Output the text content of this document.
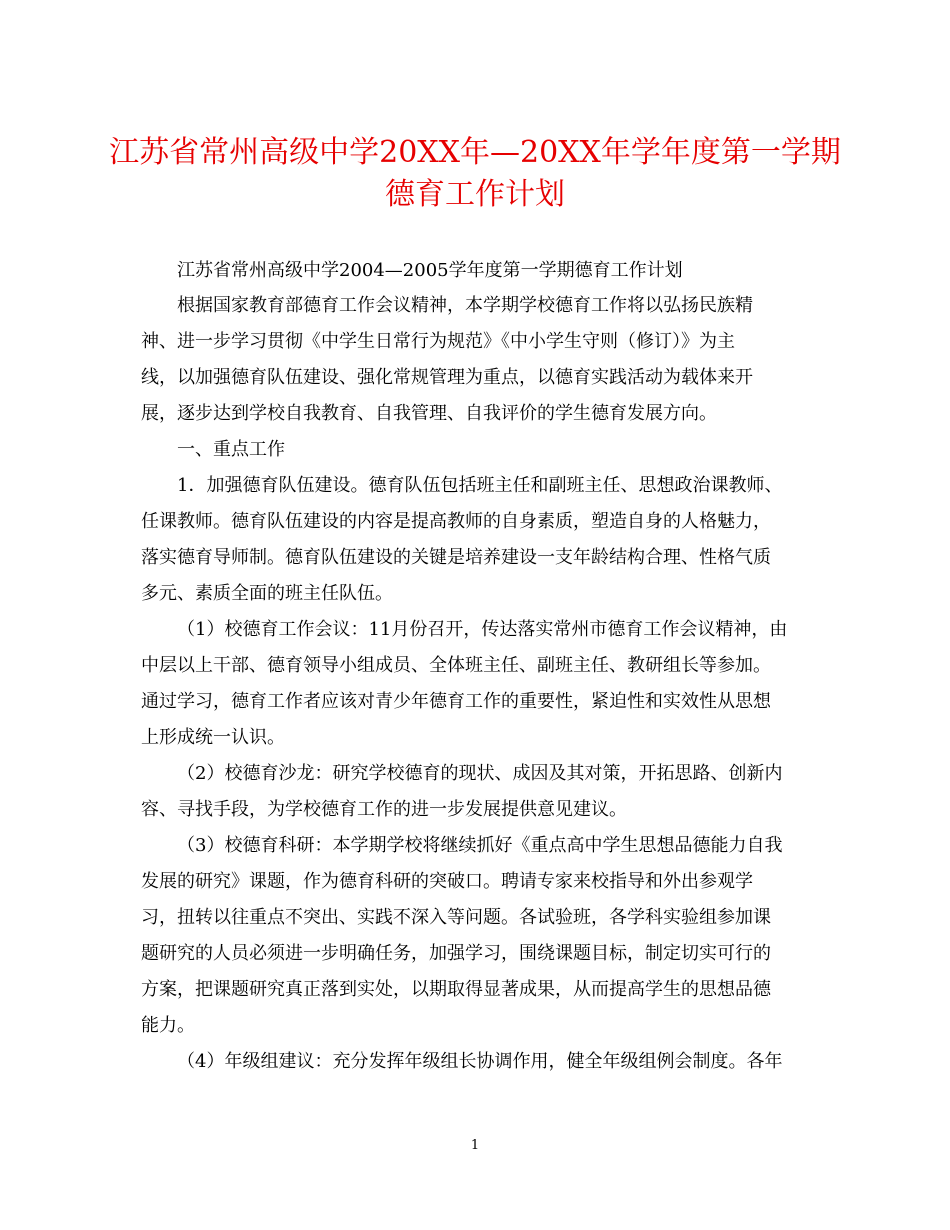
江苏省常州高级中学20XX年—20XX年学年度第一学期
德育工作计划
江苏省常州高级中学2004—2005学年度第一学期德育工作计划
根据国家教育部德育工作会议精神，本学期学校德育工作将以弘扬民族精
神、进一步学习贯彻《中学生日常行为规范》《中小学生守则（修订）》为主
线，以加强德育队伍建设、强化常规管理为重点，以德育实践活动为载体来开
展，逐步达到学校自我教育、自我管理、自我评价的学生德育发展方向。
一、重点工作
1．加强德育队伍建设。德育队伍包括班主任和副班主任、思想政治课教师、
任课教师。德育队伍建设的内容是提高教师的自身素质，塑造自身的人格魅力，
落实德育导师制。德育队伍建设的关键是培养建设一支年龄结构合理、性格气质
多元、素质全面的班主任队伍。
（1）校德育工作会议：11月份召开，传达落实常州市德育工作会议精神，由
中层以上干部、德育领导小组成员、全体班主任、副班主任、教研组长等参加。
通过学习，德育工作者应该对青少年德育工作的重要性，紧迫性和实效性从思想
上形成统一认识。
（2）校德育沙龙：研究学校德育的现状、成因及其对策，开拓思路、创新内
容、寻找手段，为学校德育工作的进一步发展提供意见建议。
（3）校德育科研：本学期学校将继续抓好《重点高中学生思想品德能力自我
发展的研究》课题，作为德育科研的突破口。聘请专家来校指导和外出参观学
习，扭转以往重点不突出、实践不深入等问题。各试验班，各学科实验组参加课
题研究的人员必须进一步明确任务，加强学习，围绕课题目标，制定切实可行的
方案，把课题研究真正落到实处，以期取得显著成果，从而提高学生的思想品德
能力。
（4）年级组建议：充分发挥年级组长协调作用，健全年级组例会制度。各年
1
